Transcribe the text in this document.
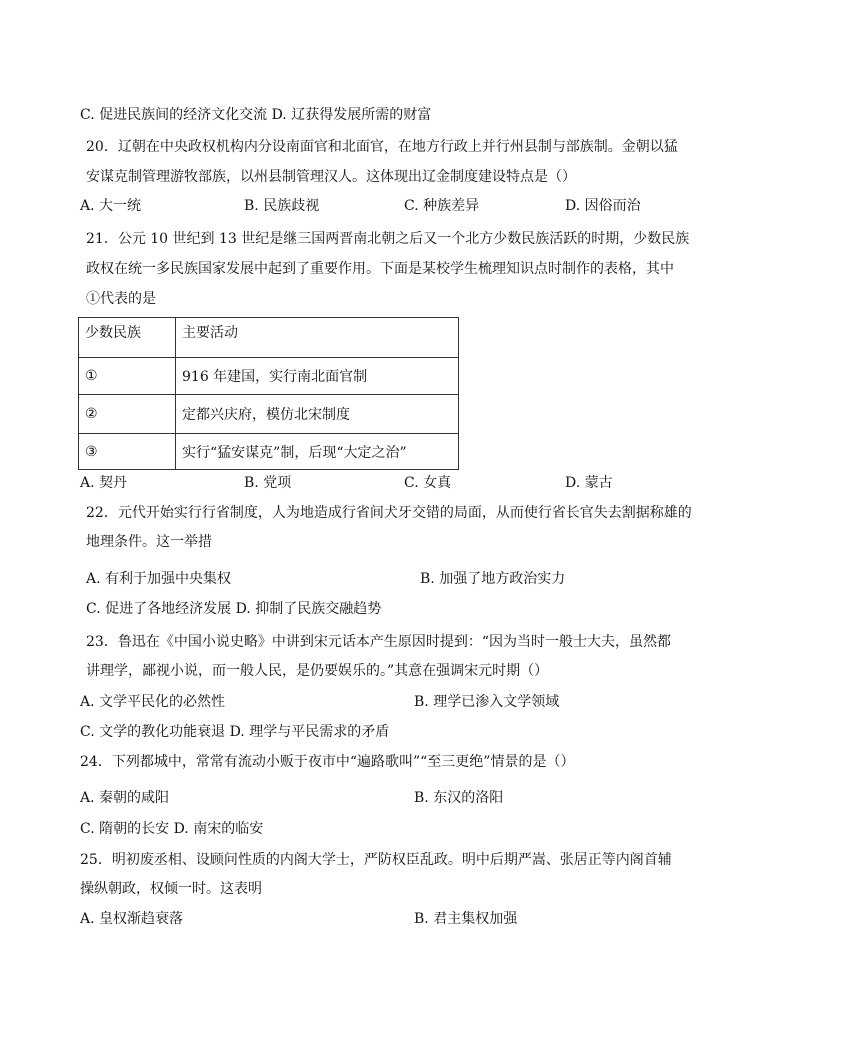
C. 促进民族间的经济文化交流 D. 辽获得发展所需的财富
20．辽朝在中央政权机构内分设南面官和北面官，在地方行政上并行州县制与部族制。金朝以猛
安谋克制管理游牧部族，以州县制管理汉人。这体现出辽金制度建设特点是（）
A. 大一统	B. 民族歧视	C. 种族差异	D. 因俗而治
21．公元 10 世纪到 13 世纪是继三国两晋南北朝之后又一个北方少数民族活跃的时期，少数民族
政权在统一多民族国家发展中起到了重要作用。下面是某校学生梳理知识点时制作的表格，其中
①代表的是
少数民族	主要活动
①	916 年建国，实行南北面官制
②	定都兴庆府，模仿北宋制度
③	实行“猛安谋克”制，后现“大定之治”
A. 契丹	B. 党项	C. 女真	D. 蒙古
22．元代开始实行行省制度，人为地造成行省间犬牙交错的局面，从而使行省长官失去割据称雄的
地理条件。这一举措
A. 有利于加强中央集权	B. 加强了地方政治实力
C. 促进了各地经济发展 D. 抑制了民族交融趋势
23．鲁迅在《中国小说史略》中讲到宋元话本产生原因时提到：“因为当时一般士大夫，虽然都
讲理学，鄙视小说，而一般人民，是仍要娱乐的。”其意在强调宋元时期（）
A. 文学平民化的必然性	B. 理学已渗入文学领域
C. 文学的教化功能衰退 D. 理学与平民需求的矛盾
24．下列都城中，常常有流动小贩于夜市中“遍路歌叫”“至三更绝”情景的是（）
A. 秦朝的咸阳	B. 东汉的洛阳
C. 隋朝的长安 D. 南宋的临安
25．明初废丞相、设顾问性质的内阁大学士，严防权臣乱政。明中后期严嵩、张居正等内阁首辅
操纵朝政，权倾一时。这表明
A. 皇权渐趋衰落	B. 君主集权加强
